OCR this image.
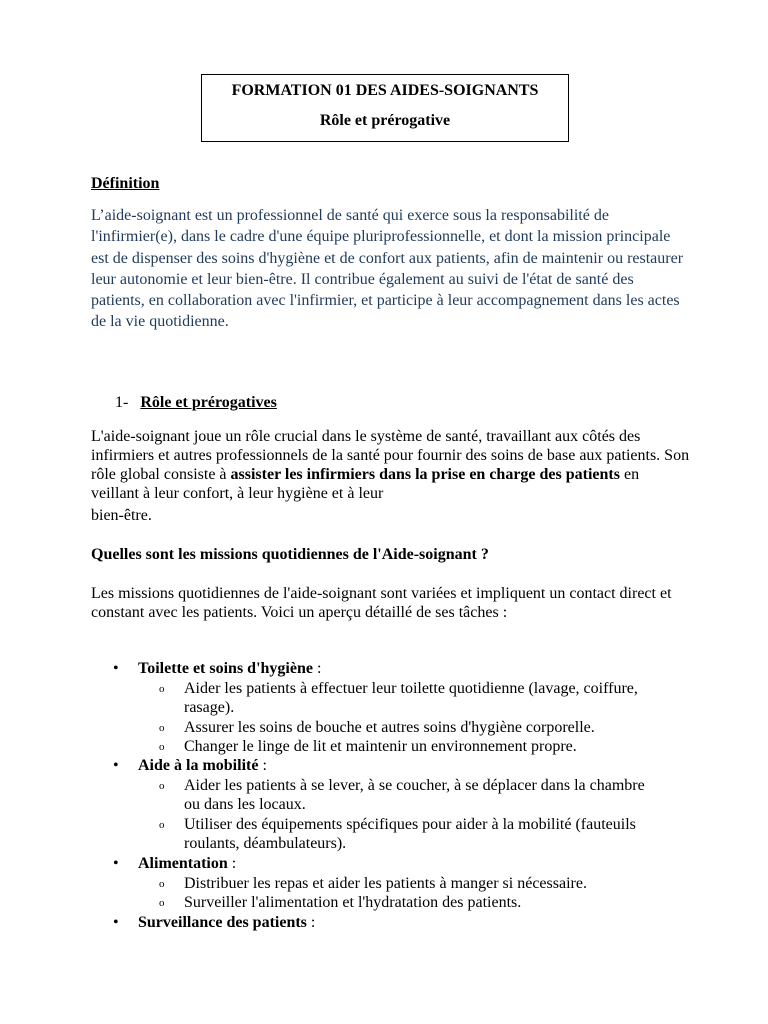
FORMATION 01 DES AIDES-SOIGNANTS
Rôle et prérogative
Définition
L’aide-soignant est un professionnel de santé qui exerce sous la responsabilité de l'infirmier(e), dans le cadre d'une équipe pluriprofessionnelle, et dont la mission principale est de dispenser des soins d'hygiène et de confort aux patients, afin de maintenir ou restaurer leur autonomie et leur bien-être. Il contribue également au suivi de l'état de santé des patients, en collaboration avec l'infirmier, et participe à leur accompagnement dans les actes de la vie quotidienne.
1- Rôle et prérogatives
L'aide-soignant joue un rôle crucial dans le système de santé, travaillant aux côtés des infirmiers et autres professionnels de la santé pour fournir des soins de base aux patients. Son rôle global consiste à assister les infirmiers dans la prise en charge des patients en veillant à leur confort, à leur hygiène et à leur
bien-être.
Quelles sont les missions quotidiennes de l'Aide-soignant ?
Les missions quotidiennes de l'aide-soignant sont variées et impliquent un contact direct et constant avec les patients. Voici un aperçu détaillé de ses tâches :
• Toilette et soins d'hygiène :
o Aider les patients à effectuer leur toilette quotidienne (lavage, coiffure, rasage).
o Assurer les soins de bouche et autres soins d'hygiène corporelle.
o Changer le linge de lit et maintenir un environnement propre.
• Aide à la mobilité :
o Aider les patients à se lever, à se coucher, à se déplacer dans la chambre ou dans les locaux.
o Utiliser des équipements spécifiques pour aider à la mobilité (fauteuils roulants, déambulateurs).
• Alimentation :
o Distribuer les repas et aider les patients à manger si nécessaire.
o Surveiller l'alimentation et l'hydratation des patients.
• Surveillance des patients :
